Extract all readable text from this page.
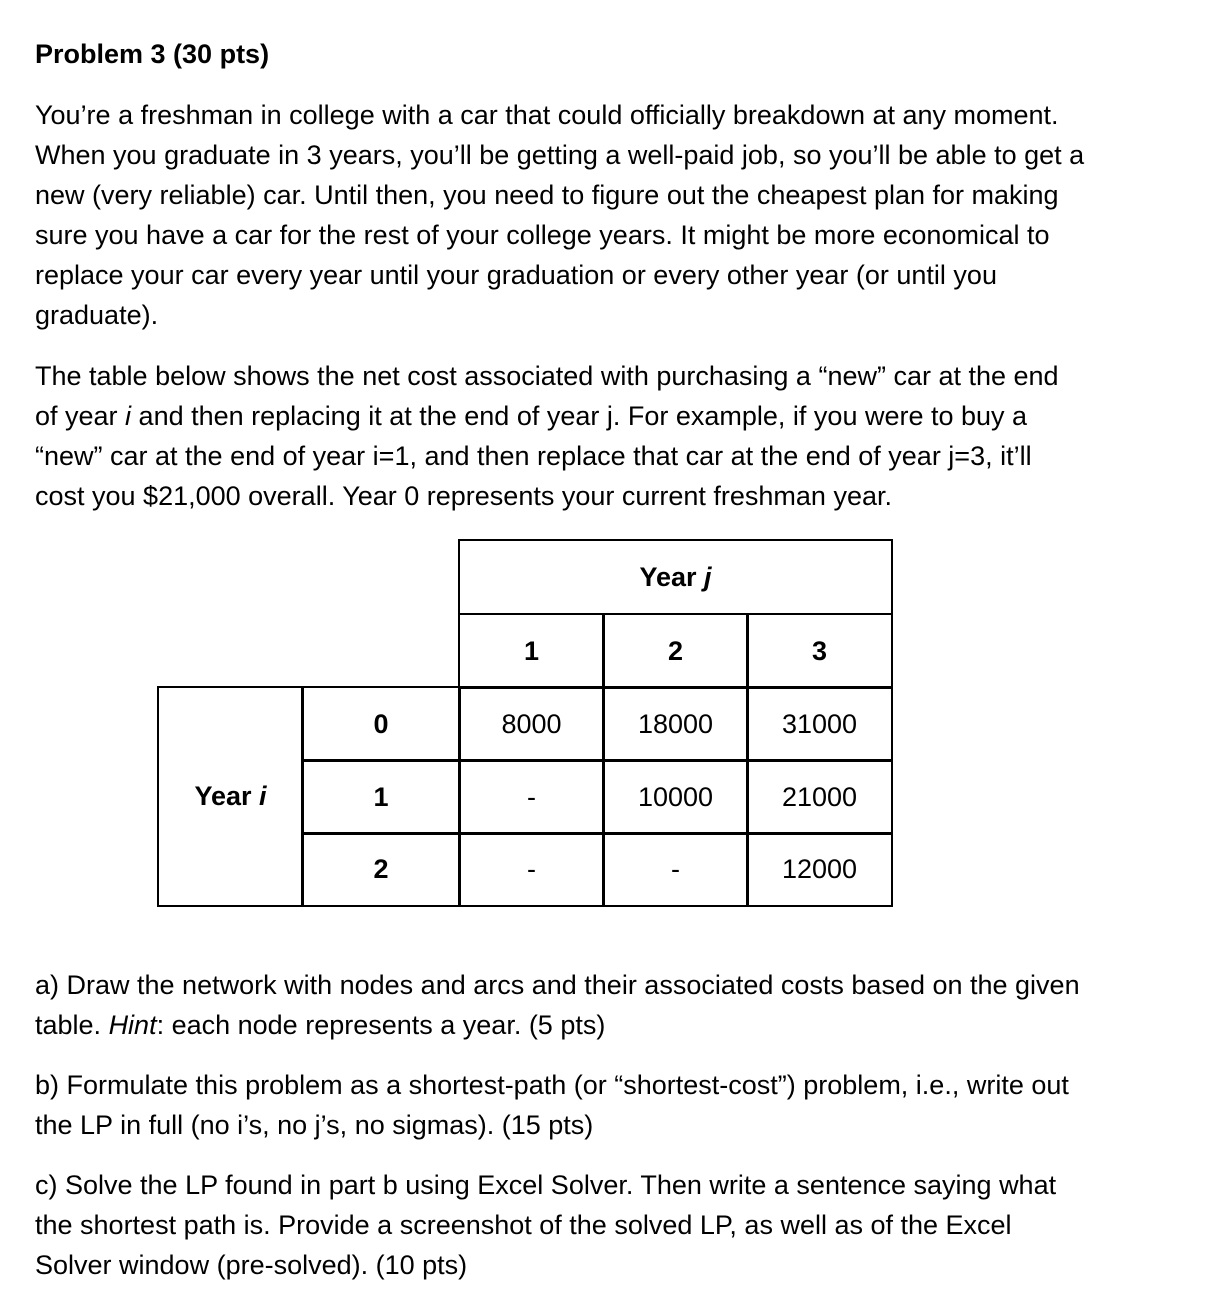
Problem 3 (30 pts)

You’re a freshman in college with a car that could officially breakdown at any moment.
When you graduate in 3 years, you’ll be getting a well-paid job, so you’ll be able to get a
new (very reliable) car. Until then, you need to figure out the cheapest plan for making
sure you have a car for the rest of your college years. It might be more economical to
replace your car every year until your graduation or every other year (or until you
graduate).

The table below shows the net cost associated with purchasing a “new” car at the end
of year i and then replacing it at the end of year j. For example, if you were to buy a
“new” car at the end of year i=1, and then replace that car at the end of year j=3, it’ll
cost you $21,000 overall. Year 0 represents your current freshman year.

a) Draw the network with nodes and arcs and their associated costs based on the given
table. Hint: each node represents a year. (5 pts)

b) Formulate this problem as a shortest-path (or “shortest-cost”) problem, i.e., write out
the LP in full (no i’s, no j’s, no sigmas). (15 pts)

c) Solve the LP found in part b using Excel Solver. Then write a sentence saying what
the shortest path is. Provide a screenshot of the solved LP, as well as of the Excel
Solver window (pre-solved). (10 pts)

Year
j
1	2	3
Year
i
0	8000	18000	31000
1	-	10000	21000
2	-	-	12000
